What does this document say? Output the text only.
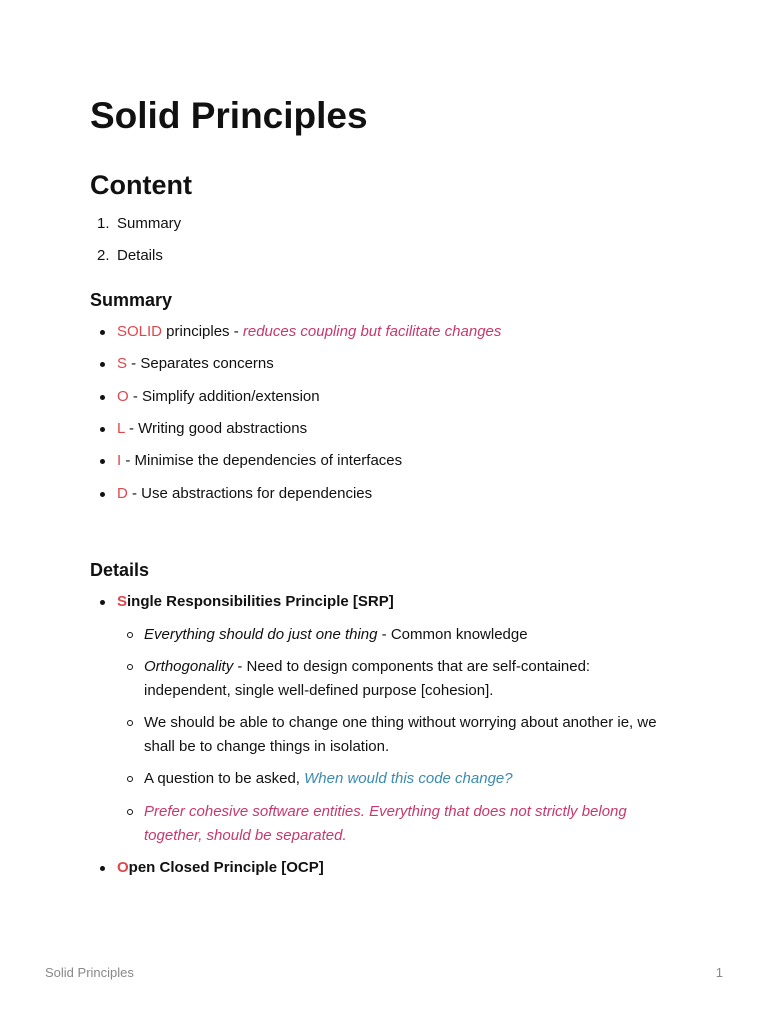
Solid Principles
Content
1. Summary
2. Details
Summary
SOLID principles - reduces coupling but facilitate changes
S - Separates concerns
O - Simplify addition/extension
L - Writing good abstractions
I - Minimise the dependencies of interfaces
D - Use abstractions for dependencies
Details
Single Responsibilities Principle [SRP]
Everything should do just one thing - Common knowledge
Orthogonality - Need to design components that are self-contained: independent, single well-defined purpose [cohesion].
We should be able to change one thing without worrying about another ie, we shall be to change things in isolation.
A question to be asked, When would this code change?
Prefer cohesive software entities. Everything that does not strictly belong together, should be separated.
Open Closed Principle [OCP]
Solid Principles	1
